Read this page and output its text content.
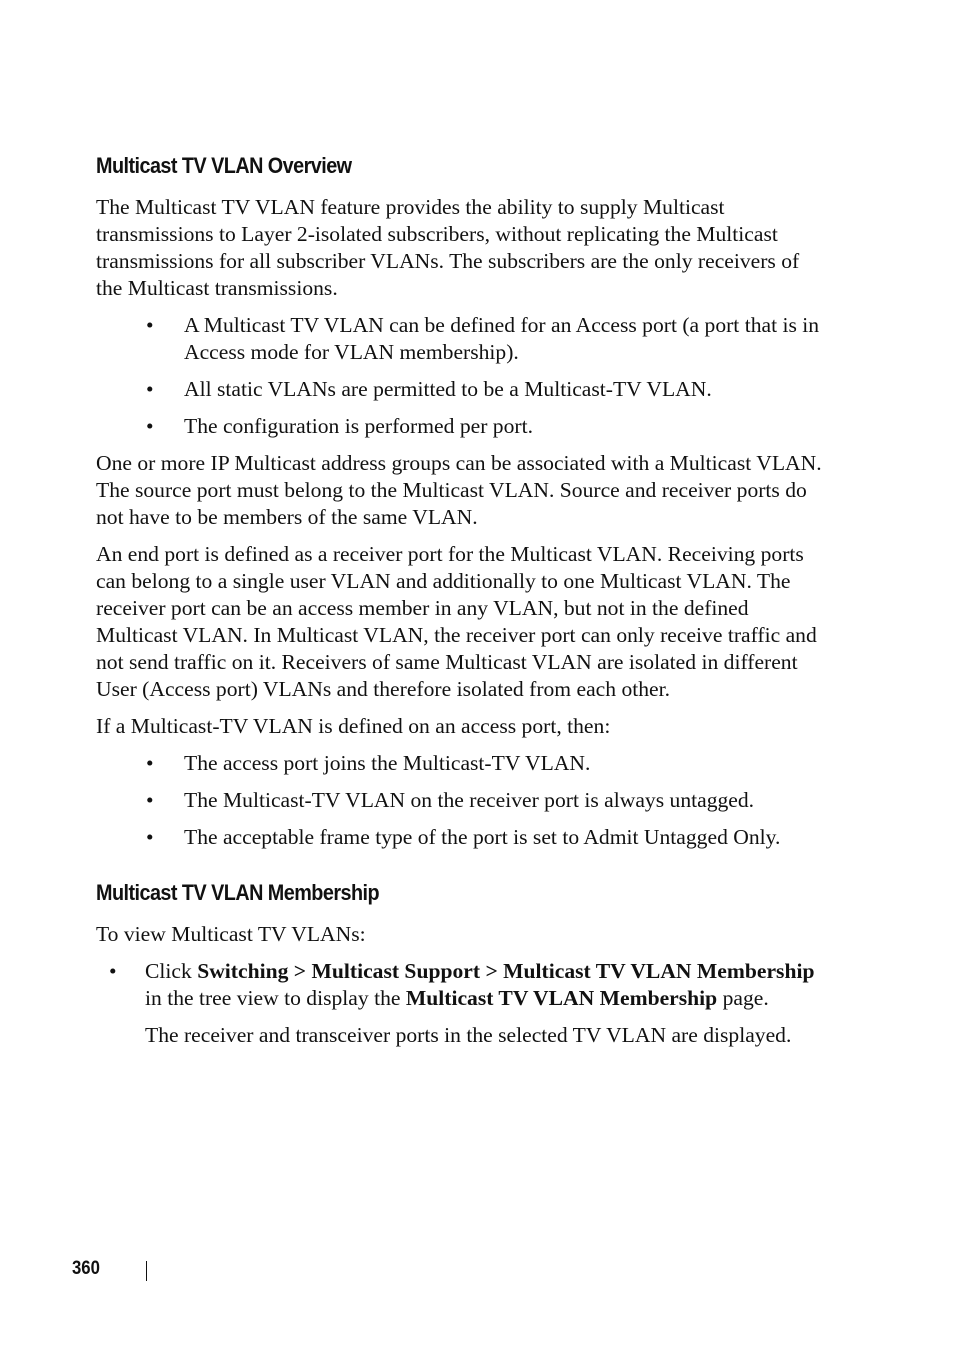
Multicast TV VLAN Overview

The Multicast TV VLAN feature provides the ability to supply Multicast transmissions to Layer 2-isolated subscribers, without replicating the Multicast transmissions for all subscriber VLANs. The subscribers are the only receivers of the Multicast transmissions.

• A Multicast TV VLAN can be defined for an Access port (a port that is in Access mode for VLAN membership).
• All static VLANs are permitted to be a Multicast-TV VLAN.
• The configuration is performed per port.

One or more IP Multicast address groups can be associated with a Multicast VLAN. The source port must belong to the Multicast VLAN. Source and receiver ports do not have to be members of the same VLAN.

An end port is defined as a receiver port for the Multicast VLAN. Receiving ports can belong to a single user VLAN and additionally to one Multicast VLAN. The receiver port can be an access member in any VLAN, but not in the defined Multicast VLAN. In Multicast VLAN, the receiver port can only receive traffic and not send traffic on it. Receivers of same Multicast VLAN are isolated in different User (Access port) VLANs and therefore isolated from each other.

If a Multicast-TV VLAN is defined on an access port, then:

• The access port joins the Multicast-TV VLAN.
• The Multicast-TV VLAN on the receiver port is always untagged.
• The acceptable frame type of the port is set to Admit Untagged Only.
Multicast TV VLAN Membership

To view Multicast TV VLANs:

• Click Switching > Multicast Support > Multicast TV VLAN Membership in the tree view to display the Multicast TV VLAN Membership page.

The receiver and transceiver ports in the selected TV VLAN are displayed.

360
